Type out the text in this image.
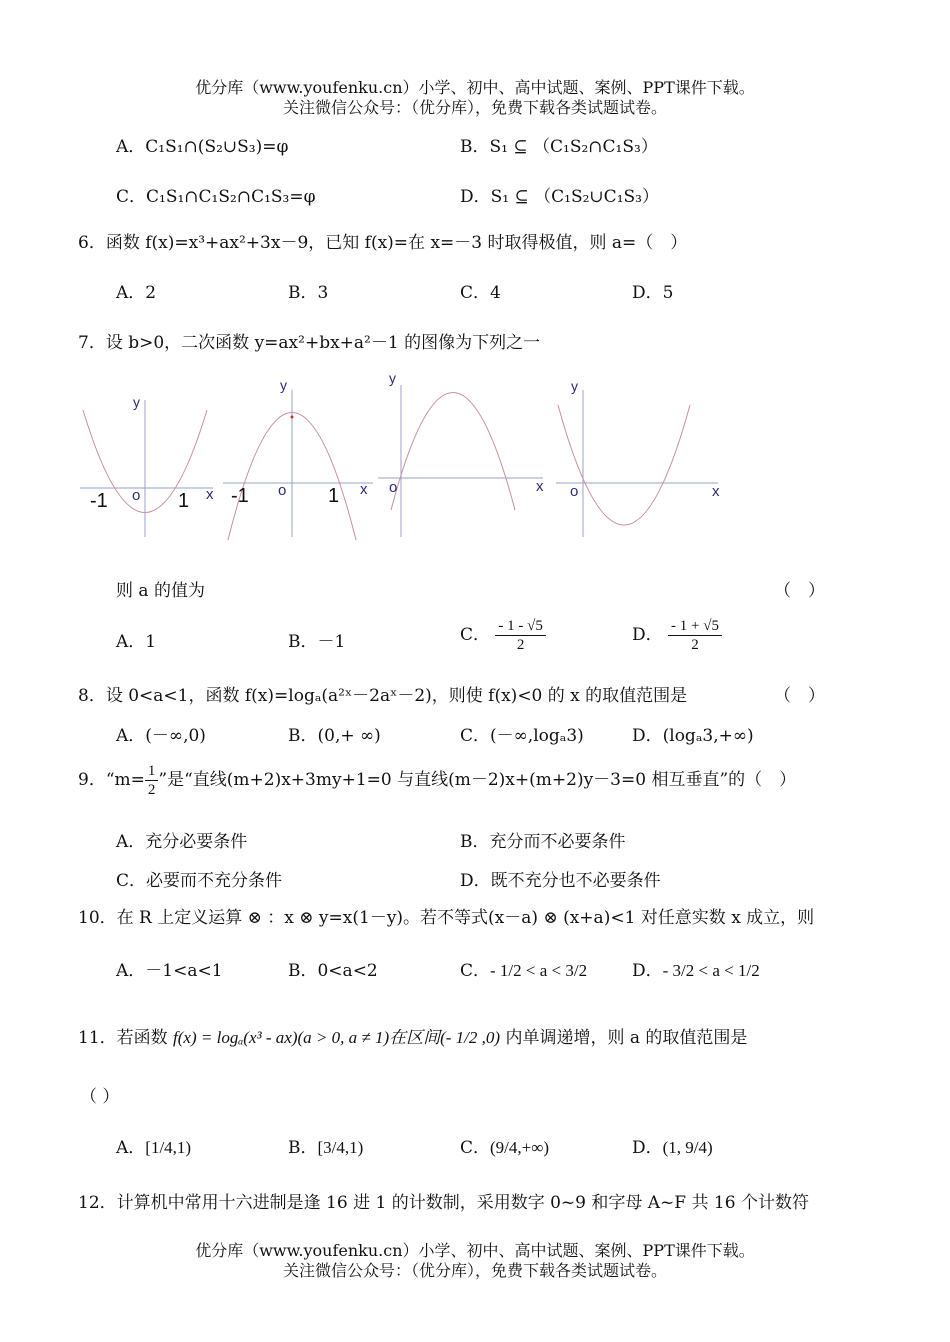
优分库（www.youfenku.cn）小学、初中、高中试题、案例、PPT课件下载。
关注微信公众号：（优分库），免费下载各类试题试卷。
A．C₁S₁∩(S₂∪S₃)=φ	B．S₁ ⊆ （C₁S₂∩C₁S₃）
C．C₁S₁∩C₁S₂∩C₁S₃=φ	D．S₁ ⊆ （C₁S₂∪C₁S₃）
6．函数 f(x)=x³+ax²+3x－9，已知 f(x)=在 x=－3 时取得极值，则 a=（　）
A．2	B．3	C．4	D．5
7．设 b>0，二次函数 y=ax²+bx+a²－1 的图像为下列之一
y
x
o
-1	1
y
x
o
-1	1
y
x
o
y
x
o
则 a 的值为	（　）
A．1	B．－1	C． $\frac{- 1 - √5}{2}$	D． $\frac{- 1 + √5}{2}$
8．设 0<a<1，函数 f(x)=logₐ(a²ˣ－2aˣ－2)，则使 f(x)<0 的 x 的取值范围是	（　）
A．(－∞,0)	B．(0,+ ∞)	C．(－∞,logₐ3)	D．(logₐ3,+∞)
9．“$m= \frac{1}{2}$ ”是“直线(m+2)x+3my+1=0 与直线(m－2)x+(m+2)y－3=0 相互垂直”的（　）
A．充分必要条件	B．充分而不必要条件
C．必要而不充分条件	D．既不充分也不必要条件
10．在 R 上定义运算 ⊗ ：x ⊗ y=x(1－y)。若不等式(x－a) ⊗ (x+a)<1 对任意实数 x 成立，则
A．－1<a<1	B．0<a<2	C．- 1/2 < a < 3/2	D．- 3/2 < a < 1/2
11．若函数 f(x) = logₐ(x³ - ax)(a > 0, a ≠ 1)在区间(- 1/2 ,0) 内单调递增，则 a 的取值范围是
（ ）
A．[1/4,1)	B．[3/4,1)	C．(9/4,+∞)	D．(1, 9/4)
12．计算机中常用十六进制是逢 16 进 1 的计数制，采用数字 0~9 和字母 A~F 共 16 个计数符
优分库（www.youfenku.cn）小学、初中、高中试题、案例、PPT课件下载。
关注微信公众号：（优分库），免费下载各类试题试卷。
